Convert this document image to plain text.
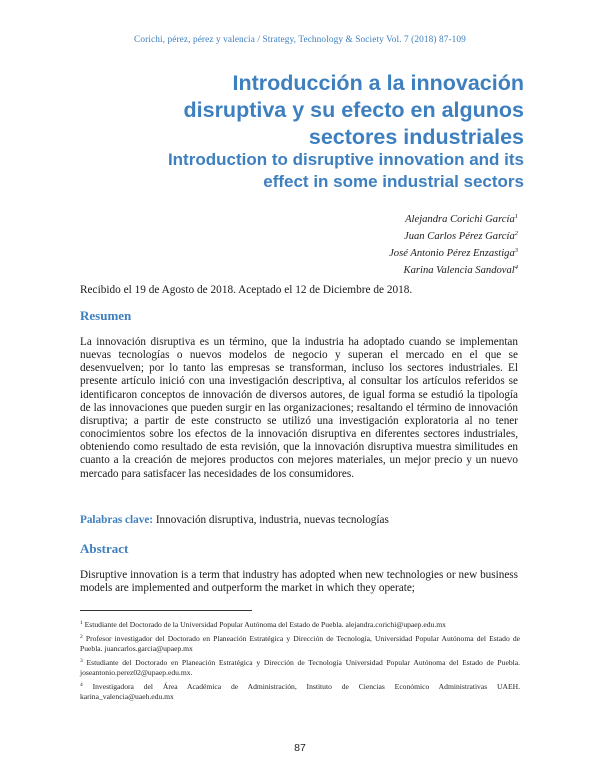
Corichi, pérez, pérez y valencia / Strategy, Technology & Society Vol. 7 (2018) 87-109
Introducción a la innovación
disruptiva y su efecto en algunos
sectores industriales
Introduction to disruptive innovation and its
effect in some industrial sectors
Alejandra Corichi García$^1$
Juan Carlos Pérez García$^2$
José Antonio Pérez Enzastiga$^3$
Karina Valencia Sandoval$^4$
Recibido el 19 de Agosto de 2018. Aceptado el 12 de Diciembre de 2018.
Resumen
La innovación disruptiva es un término, que la industria ha adoptado cuando se implementan nuevas tecnologías o nuevos modelos de negocio y superan el mercado en el que se desenvuelven; por lo tanto las empresas se transforman, incluso los sectores industriales. El presente artículo inició con una investigación descriptiva, al consultar los artículos referidos se identificaron conceptos de innovación de diversos autores, de igual forma se estudió la tipología de las innovaciones que pueden surgir en las organizaciones; resaltando el término de innovación disruptiva; a partir de este constructo se utilizó una investigación exploratoria al no tener conocimientos sobre los efectos de la innovación disruptiva en diferentes sectores industriales, obteniendo como resultado de esta revisión, que la innovación disruptiva muestra similitudes en cuanto a la creación de mejores productos con mejores materiales, un mejor precio y un nuevo mercado para satisfacer las necesidades de los consumidores.
Palabras clave: Innovación disruptiva, industria, nuevas tecnologías
Abstract
Disruptive innovation is a term that industry has adopted when new technologies or new business models are implemented and outperform the market in which they operate;
$^1$ Estudiante del Doctorado de la Universidad Popular Autónoma del Estado de Puebla. alejandra.corichi@upaep.edu.mx
$^2$ Profesor investigador del Doctorado en Planeación Estratégica y Dirección de Tecnología, Universidad Popular Autónoma del Estado de Puebla. juancarlos.garcia@upaep.mx
$^3$ Estudiante del Doctorado en Planeación Estratégica y Dirección de Tecnología Universidad Popular Autónoma del Estado de Puebla. joseantonio.perez02@upaep.edu.mx.
$^4$ Investigadora del Área Académica de Administración, Instituto de Ciencias Económico Administrativas UAEH. karina_valencia@uaeh.edu.mx
87
